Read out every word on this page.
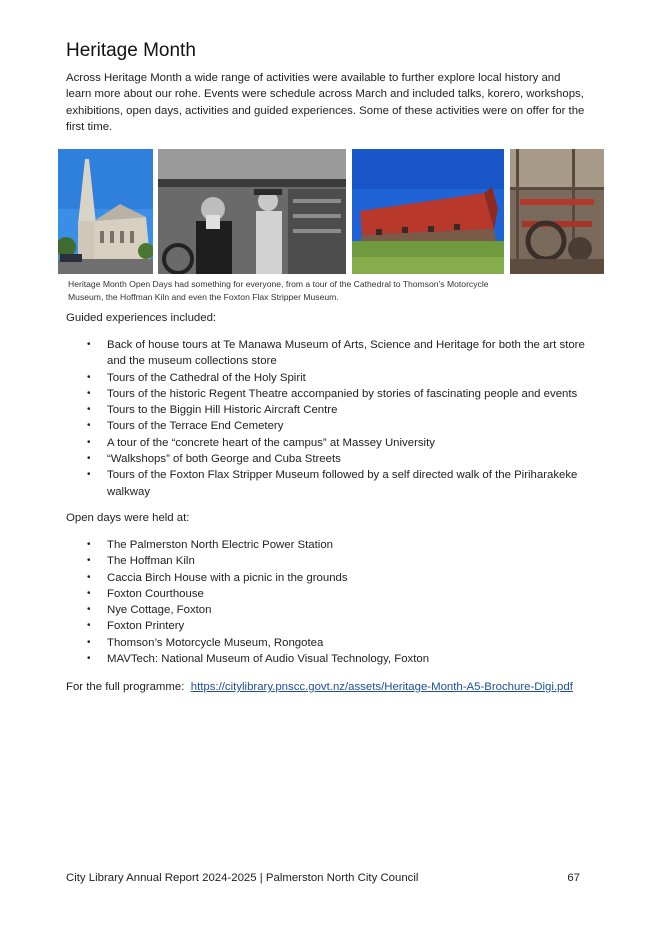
Heritage Month
Across Heritage Month a wide range of activities were available to further explore local history and learn more about our rohe. Events were schedule across March and included talks, korero, workshops, exhibitions, open days, activities and guided experiences. Some of these activities were on offer for the first time.
Heritage Month Open Days had something for everyone, from a tour of the Cathedral to Thomson’s Motorcycle Museum, the Hoffman Kiln and even the Foxton Flax Stripper Museum.
Guided experiences included:
• Back of house tours at Te Manawa Museum of Arts, Science and Heritage for both the art store and the museum collections store
• Tours of the Cathedral of the Holy Spirit
• Tours of the historic Regent Theatre accompanied by stories of fascinating people and events
• Tours to the Biggin Hill Historic Aircraft Centre
• Tours of the Terrace End Cemetery
• A tour of the “concrete heart of the campus” at Massey University
• “Walkshops” of both George and Cuba Streets
• Tours of the Foxton Flax Stripper Museum followed by a self directed walk of the Piriharakeke walkway
Open days were held at:
• The Palmerston North Electric Power Station
• The Hoffman Kiln
• Caccia Birch House with a picnic in the grounds
• Foxton Courthouse
• Nye Cottage, Foxton
• Foxton Printery
• Thomson’s Motorcycle Museum, Rongotea
• MAVTech: National Museum of Audio Visual Technology, Foxton
For the full programme: https://citylibrary.pnscc.govt.nz/assets/Heritage-Month-A5-Brochure-Digi.pdf
City Library Annual Report 2024-2025 | Palmerston North City Council	67
